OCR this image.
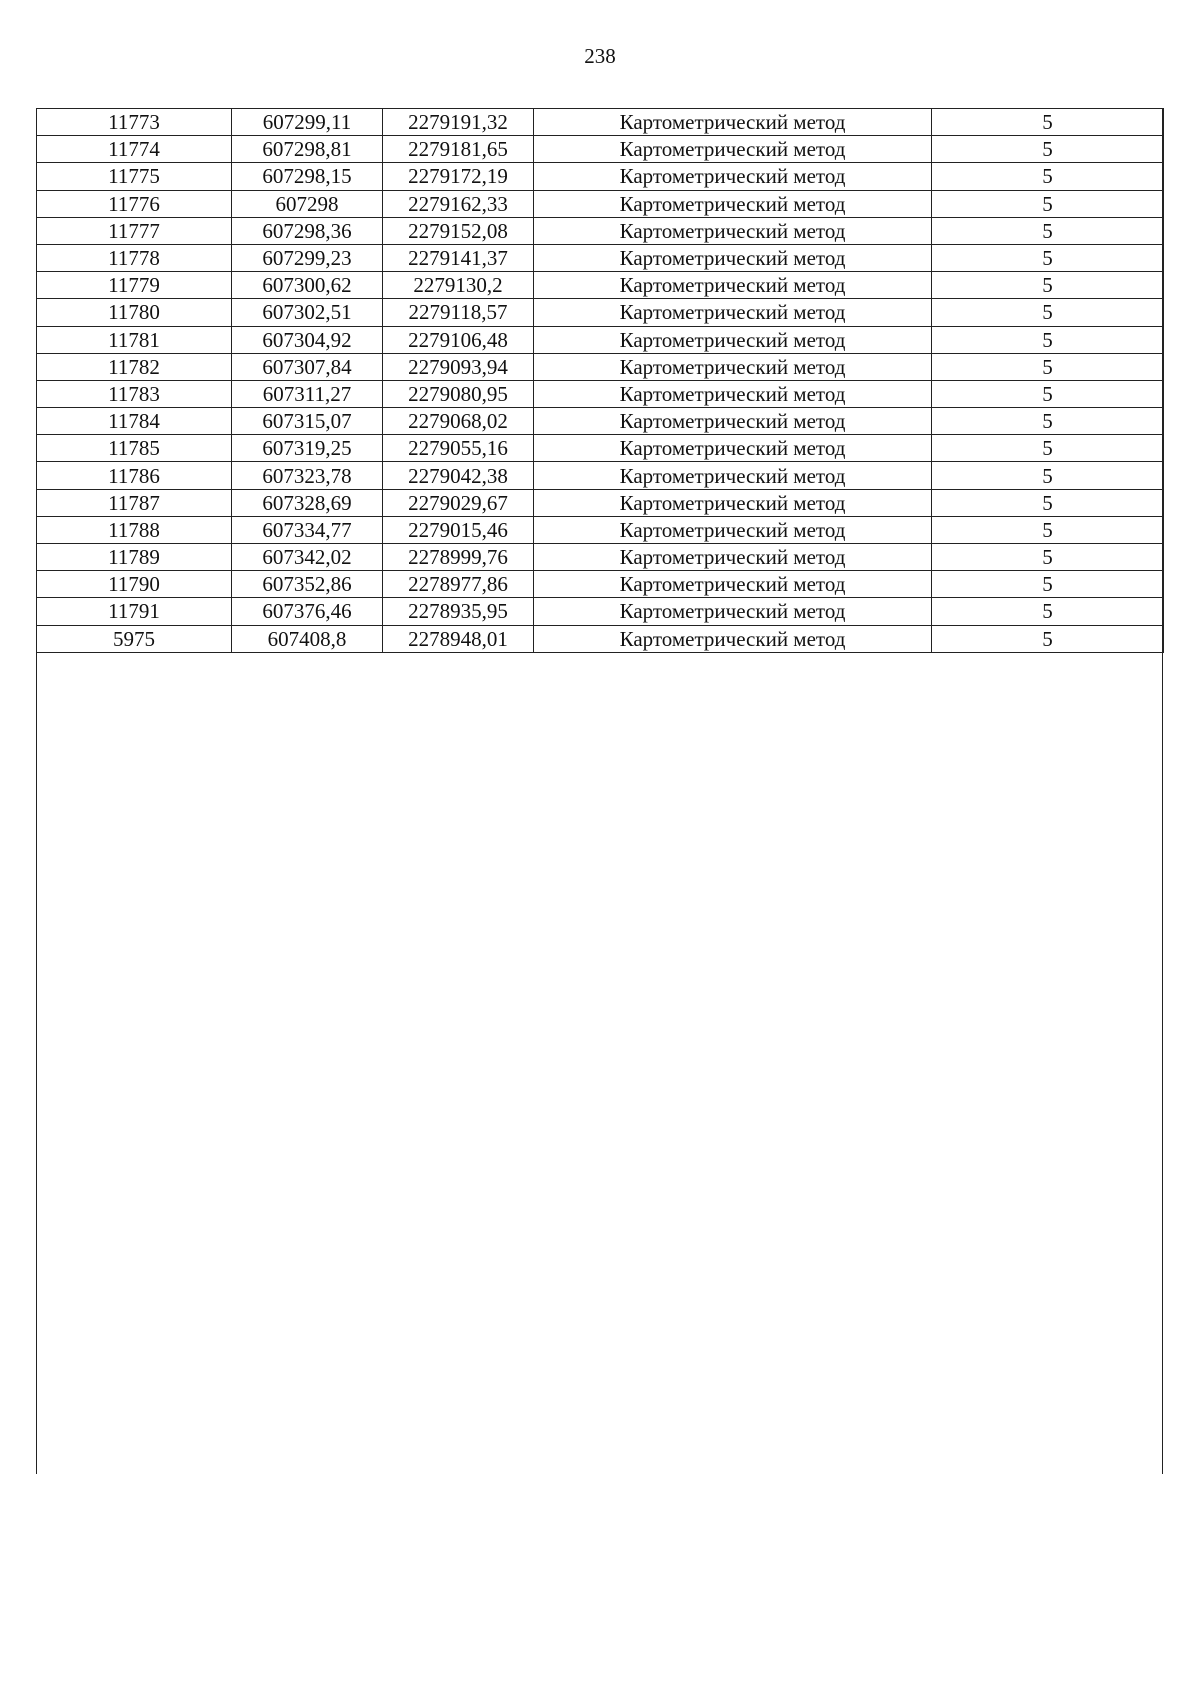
238
11773	607299,11	2279191,32	Картометрический метод	5
11774	607298,81	2279181,65	Картометрический метод	5
11775	607298,15	2279172,19	Картометрический метод	5
11776	607298	2279162,33	Картометрический метод	5
11777	607298,36	2279152,08	Картометрический метод	5
11778	607299,23	2279141,37	Картометрический метод	5
11779	607300,62	2279130,2	Картометрический метод	5
11780	607302,51	2279118,57	Картометрический метод	5
11781	607304,92	2279106,48	Картометрический метод	5
11782	607307,84	2279093,94	Картометрический метод	5
11783	607311,27	2279080,95	Картометрический метод	5
11784	607315,07	2279068,02	Картометрический метод	5
11785	607319,25	2279055,16	Картометрический метод	5
11786	607323,78	2279042,38	Картометрический метод	5
11787	607328,69	2279029,67	Картометрический метод	5
11788	607334,77	2279015,46	Картометрический метод	5
11789	607342,02	2278999,76	Картометрический метод	5
11790	607352,86	2278977,86	Картометрический метод	5
11791	607376,46	2278935,95	Картометрический метод	5
5975	607408,8	2278948,01	Картометрический метод	5
